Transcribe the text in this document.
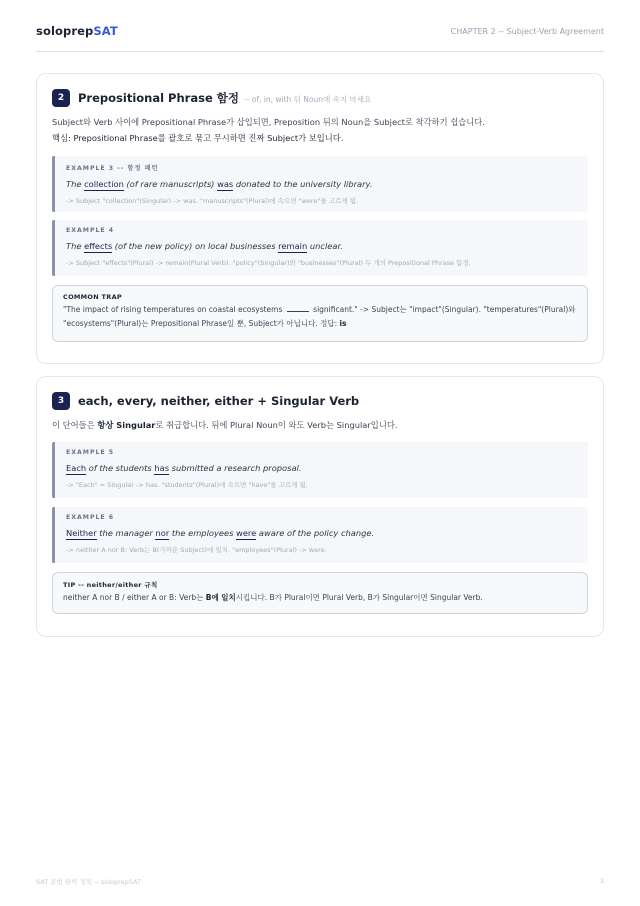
soloprepSAT	CHAPTER 2 -- Subject-Verb Agreement
2	Prepositional Phrase 함정 -- of, in, with 뒤 Noun에 속지 마세요
Subject와 Verb 사이에 Prepositional Phrase가 삽입되면, Preposition 뒤의 Noun을 Subject로 착각하기 쉽습니다.
핵심: Prepositional Phrase를 괄호로 묶고 무시하면 진짜 Subject가 보입니다.
EXAMPLE 3 -- 함정 패턴
The collection (of rare manuscripts) was donated to the university library.
-> Subject "collection"(Singular) -> was. "manuscripts"(Plural)에 속으면 "were"를 고르게 됨.
EXAMPLE 4
The effects (of the new policy) on local businesses remain unclear.
-> Subject "effects"(Plural) -> remain(Plural Verb). "policy"(Singular)와 "businesses"(Plural) 두 개의 Prepositional Phrase 함정.
COMMON TRAP
"The impact of rising temperatures on coastal ecosystems	significant." -> Subject는 "impact"(Singular). "temperatures"(Plural)와
"ecosystems"(Plural)는 Prepositional Phrase일 뿐, Subject가 아닙니다. 정답: is
3	each, every, neither, either + Singular Verb
이 단어들은 항상 Singular로 취급합니다. 뒤에 Plural Noun이 와도 Verb는 Singular입니다.
EXAMPLE 5
Each of the students has submitted a research proposal.
-> "Each" = Singular -> has. "students"(Plural)에 속으면 "have"를 고르게 됨.
EXAMPLE 6
Neither the manager nor the employees were aware of the policy change.
-> neither A nor B: Verb는 B(가까운 Subject)에 일치. "employees"(Plural) -> were.
TIP -- neither/either 규칙
neither A nor B / either A or B: Verb는 B에 일치시킵니다. B가 Plural이면 Plural Verb, B가 Singular이면 Singular Verb.
SAT 문법 완벽 정복 -- soloprepSAT	3
